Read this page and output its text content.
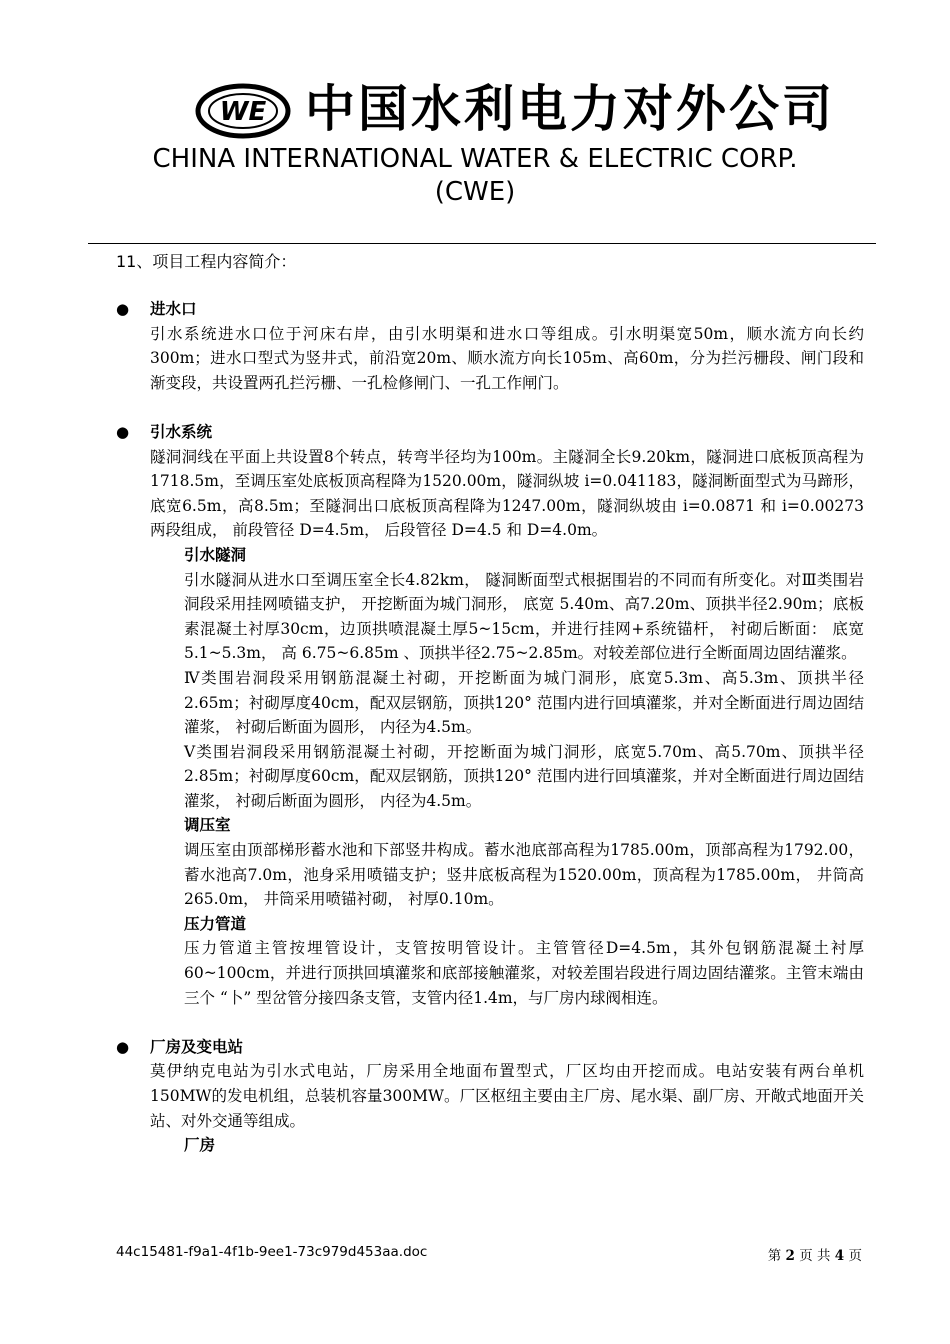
WE 中国水利电力对外公司
CHINA INTERNATIONAL WATER & ELECTRIC CORP.
(CWE)
11、项目工程内容简介：
●	进水口
引水系统进水口位于河床右岸，由引水明渠和进水口等组成。引水明渠宽50m，顺水流方向长约300m；进水口型式为竖井式，前沿宽20m、顺水流方向长105m、高60m，分为拦污栅段、闸门段和渐变段，共设置两孔拦污栅、一孔检修闸门、一孔工作闸门。
●	引水系统
隧洞洞线在平面上共设置8个转点，转弯半径均为100m。主隧洞全长9.20km，隧洞进口底板顶高程为1718.5m，至调压室处底板顶高程降为1520.00m，隧洞纵坡 i=0.041183，隧洞断面型式为马蹄形，底宽6.5m，高8.5m；至隧洞出口底板顶高程降为1247.00m，隧洞纵坡由 i=0.0871 和 i=0.00273 两段组成， 前段管径 D=4.5m， 后段管径 D=4.5 和 D=4.0m。
引水隧洞
引水隧洞从进水口至调压室全长4.82km， 隧洞断面型式根据围岩的不同而有所变化。对Ⅲ类围岩洞段采用挂网喷锚支护， 开挖断面为城门洞形， 底宽 5.40m、高7.20m、顶拱半径2.90m；底板素混凝土衬厚30cm，边顶拱喷混凝土厚5~15cm，并进行挂网+系统锚杆， 衬砌后断面： 底宽 5.1~5.3m， 高 6.75~6.85m 、顶拱半径2.75~2.85m。对较差部位进行全断面周边固结灌浆。
Ⅳ类围岩洞段采用钢筋混凝土衬砌，开挖断面为城门洞形，底宽5.3m、高5.3m、顶拱半径2.65m；衬砌厚度40cm，配双层钢筋，顶拱120° 范围内进行回填灌浆，并对全断面进行周边固结灌浆， 衬砌后断面为圆形， 内径为4.5m。
Ⅴ类围岩洞段采用钢筋混凝土衬砌，开挖断面为城门洞形，底宽5.70m、高5.70m、顶拱半径2.85m；衬砌厚度60cm，配双层钢筋，顶拱120° 范围内进行回填灌浆，并对全断面进行周边固结灌浆， 衬砌后断面为圆形， 内径为4.5m。
调压室
调压室由顶部梯形蓄水池和下部竖井构成。蓄水池底部高程为1785.00m，顶部高程为1792.00，蓄水池高7.0m，池身采用喷锚支护；竖井底板高程为1520.00m，顶高程为1785.00m， 井筒高265.0m， 井筒采用喷锚衬砌， 衬厚0.10m。
压力管道
压力管道主管按埋管设计，支管按明管设计。主管管径D=4.5m，其外包钢筋混凝土衬厚60~100cm，并进行顶拱回填灌浆和底部接触灌浆，对较差围岩段进行周边固结灌浆。主管末端由三个 “卜” 型岔管分接四条支管，支管内径1.4m，与厂房内球阀相连。
●	厂房及变电站
莫伊纳克电站为引水式电站，厂房采用全地面布置型式，厂区均由开挖而成。电站安装有两台单机150MW的发电机组，总装机容量300MW。厂区枢纽主要由主厂房、尾水渠、副厂房、开敞式地面开关站、对外交通等组成。
厂房
44c15481-f9a1-4f1b-9ee1-73c979d453aa.doc	第 2 页 共 4 页
